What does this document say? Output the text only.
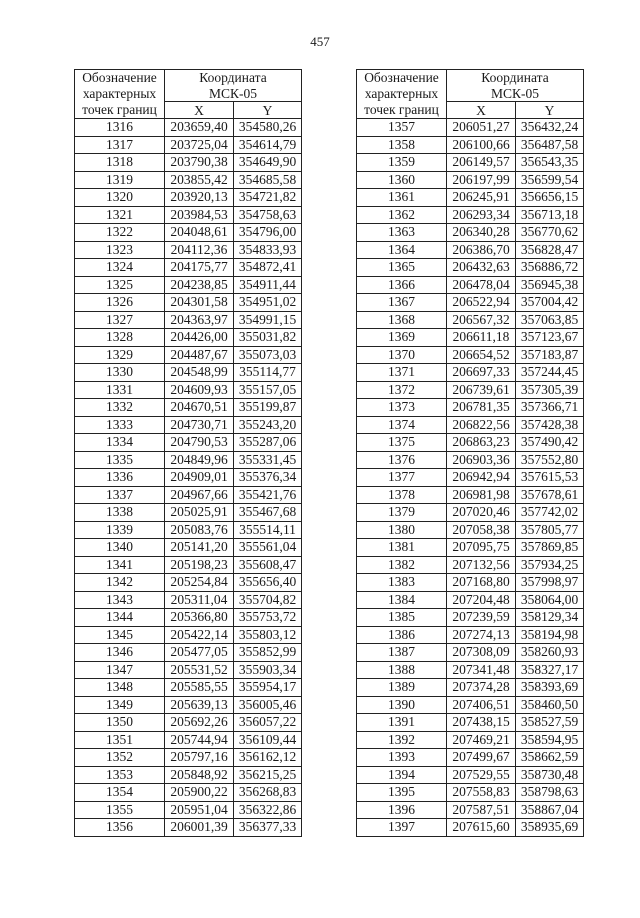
457
Обозначение
характерных
точек границ	Координата	
	МСК-05	
	X	Y
1316	203659,40	354580,26
1317	203725,04	354614,79
1318	203790,38	354649,90
1319	203855,42	354685,58
1320	203920,13	354721,82
1321	203984,53	354758,63
1322	204048,61	354796,00
1323	204112,36	354833,93
1324	204175,77	354872,41
1325	204238,85	354911,44
1326	204301,58	354951,02
1327	204363,97	354991,15
1328	204426,00	355031,82
1329	204487,67	355073,03
1330	204548,99	355114,77
1331	204609,93	355157,05
1332	204670,51	355199,87
1333	204730,71	355243,20
1334	204790,53	355287,06
1335	204849,96	355331,45
1336	204909,01	355376,34
1337	204967,66	355421,76
1338	205025,91	355467,68
1339	205083,76	355514,11
1340	205141,20	355561,04
1341	205198,23	355608,47
1342	205254,84	355656,40
1343	205311,04	355704,82
1344	205366,80	355753,72
1345	205422,14	355803,12
1346	205477,05	355852,99
1347	205531,52	355903,34
1348	205585,55	355954,17
1349	205639,13	356005,46
1350	205692,26	356057,22
1351	205744,94	356109,44
1352	205797,16	356162,12
1353	205848,92	356215,25
1354	205900,22	356268,83
1355	205951,04	356322,86
1356	206001,39	356377,33
Обозначение
характерных
точек границ	Координата	
	МСК-05	
	X	Y
1357	206051,27	356432,24
1358	206100,66	356487,58
1359	206149,57	356543,35
1360	206197,99	356599,54
1361	206245,91	356656,15
1362	206293,34	356713,18
1363	206340,28	356770,62
1364	206386,70	356828,47
1365	206432,63	356886,72
1366	206478,04	356945,38
1367	206522,94	357004,42
1368	206567,32	357063,85
1369	206611,18	357123,67
1370	206654,52	357183,87
1371	206697,33	357244,45
1372	206739,61	357305,39
1373	206781,35	357366,71
1374	206822,56	357428,38
1375	206863,23	357490,42
1376	206903,36	357552,80
1377	206942,94	357615,53
1378	206981,98	357678,61
1379	207020,46	357742,02
1380	207058,38	357805,77
1381	207095,75	357869,85
1382	207132,56	357934,25
1383	207168,80	357998,97
1384	207204,48	358064,00
1385	207239,59	358129,34
1386	207274,13	358194,98
1387	207308,09	358260,93
1388	207341,48	358327,17
1389	207374,28	358393,69
1390	207406,51	358460,50
1391	207438,15	358527,59
1392	207469,21	358594,95
1393	207499,67	358662,59
1394	207529,55	358730,48
1395	207558,83	358798,63
1396	207587,51	358867,04
1397	207615,60	358935,69
